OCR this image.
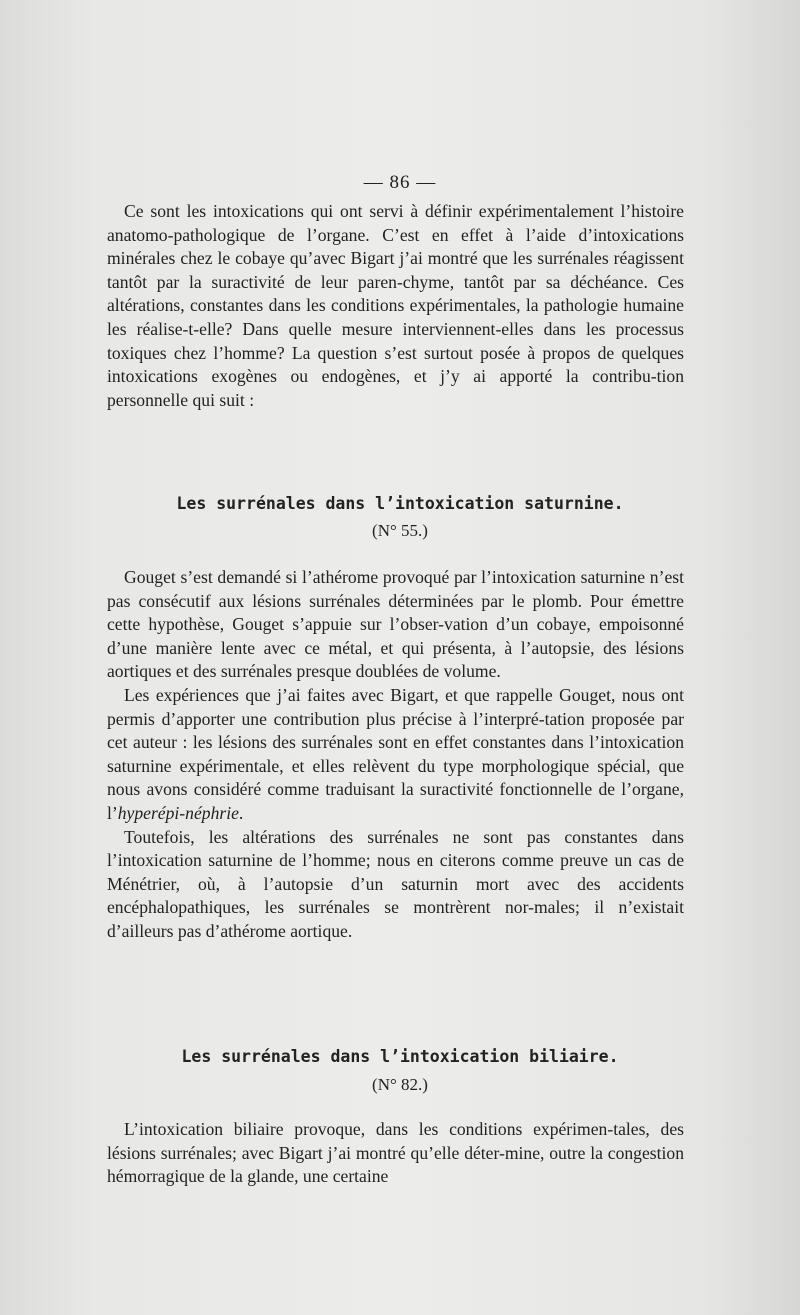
— 86 —

Ce sont les intoxications qui ont servi à définir expérimentalement l’histoire anatomo-pathologique de l’organe. C’est en effet à l’aide d’intoxications minérales chez le cobaye qu’avec Bigart j’ai montré que les surrénales réagissent tantôt par la suractivité de leur paren-chyme, tantôt par sa déchéance. Ces altérations, constantes dans les conditions expérimentales, la pathologie humaine les réalise-t-elle? Dans quelle mesure interviennent-elles dans les processus toxiques chez l’homme? La question s’est surtout posée à propos de quelques intoxications exogènes ou endogènes, et j’y ai apporté la contribu-tion personnelle qui suit :

Les surrénales dans l’intoxication saturnine.
(N° 55.)

Gouget s’est demandé si l’athérome provoqué par l’intoxication saturnine n’est pas consécutif aux lésions surrénales déterminées par le plomb. Pour émettre cette hypothèse, Gouget s’appuie sur l’obser-vation d’un cobaye, empoisonné d’une manière lente avec ce métal, et qui présenta, à l’autopsie, des lésions aortiques et des surrénales presque doublées de volume.

Les expériences que j’ai faites avec Bigart, et que rappelle Gouget, nous ont permis d’apporter une contribution plus précise à l’interpré-tation proposée par cet auteur : les lésions des surrénales sont en effet constantes dans l’intoxication saturnine expérimentale, et elles relèvent du type morphologique spécial, que nous avons considéré comme traduisant la suractivité fonctionnelle de l’organe, l’hyperépi-néphrie.

Toutefois, les altérations des surrénales ne sont pas constantes dans l’intoxication saturnine de l’homme; nous en citerons comme preuve un cas de Ménétrier, où, à l’autopsie d’un saturnin mort avec des accidents encéphalopathiques, les surrénales se montrèrent nor-males; il n’existait d’ailleurs pas d’athérome aortique.

Les surrénales dans l’intoxication biliaire.
(N° 82.)

L’intoxication biliaire provoque, dans les conditions expérimen-tales, des lésions surrénales; avec Bigart j’ai montré qu’elle déter-mine, outre la congestion hémorragique de la glande, une certaine
